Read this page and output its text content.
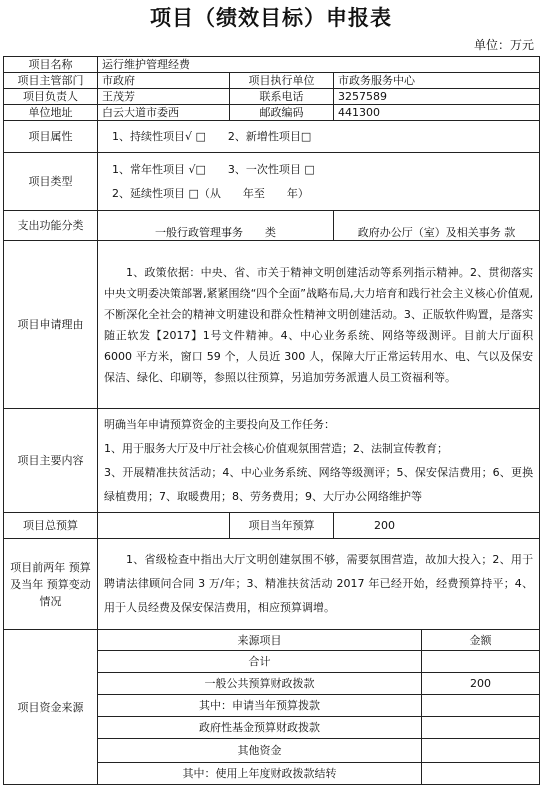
项目（绩效目标）申报表
单位：万元
项目名称	运行维护管理经费			
项目主管部门	市政府	项目执行单位	市政务服务中心	
项目负责人	王茂芳	联系电话	3257589	
单位地址	白云大道市委西	邮政编码	441300	
项目属性	1、持续性项目√ □　　2、新增性项目□			
项目类型	1、常年性项目 √□　　3、一次性项目 □
2、延续性项目 □（从　　年至　　年）			

支出功能分类	一般行政管理事务　　类		政府办公厅（室）及相关事务 款	
项目申请理由	1、政策依据：中央、省、市关于精神文明创建活动等系列指示精神。2、贯彻落实中央文明委决策部署,紧紧围绕“四个全面”战略布局,大力培育和践行社会主义核心价值观,不断深化全社会的精神文明建设和群众性精神文明创建活动。3、正版软件购置，是落实随正软发【2017】1号文件精神。4、中心业务系统、网络等级测评。目前大厅面积 6000 平方米，窗口 59 个，人员近 300 人，保障大厅正常运转用水、电、气以及保安保洁、绿化、印刷等，参照以往预算，另追加劳务派遣人员工资福利等。			
项目主要内容	明确当年申请预算资金的主要投向及工作任务：
1、用于服务大厅及中厅社会核心价值观氛围营造；2、法制宣传教育；
3、开展精准扶贫活动；4、中心业务系统、网络等级测评；5、保安保洁费用；6、更换绿植费用；7、取暖费用；8、劳务费用；9、大厅办公网络维护等			

项目总预算		项目当年预算	200	
项目前两年 预算及当年 预算变动情况	1、省级检查中指出大厅文明创建氛围不够，需要氛围营造，故加大投入；2、用于聘请法律顾问合同 3 万/年；3、精准扶贫活动 2017 年已经开始，经费预算持平；4、用于人员经费及保安保洁费用，相应预算调增。			
项目资金来源	来源项目			金额
	合计			
	一般公共预算财政拨款			200
	其中：申请当年预算拨款			
	政府性基金预算财政拨款			
	其他资金			
	其中：使用上年度财政拨款结转			
